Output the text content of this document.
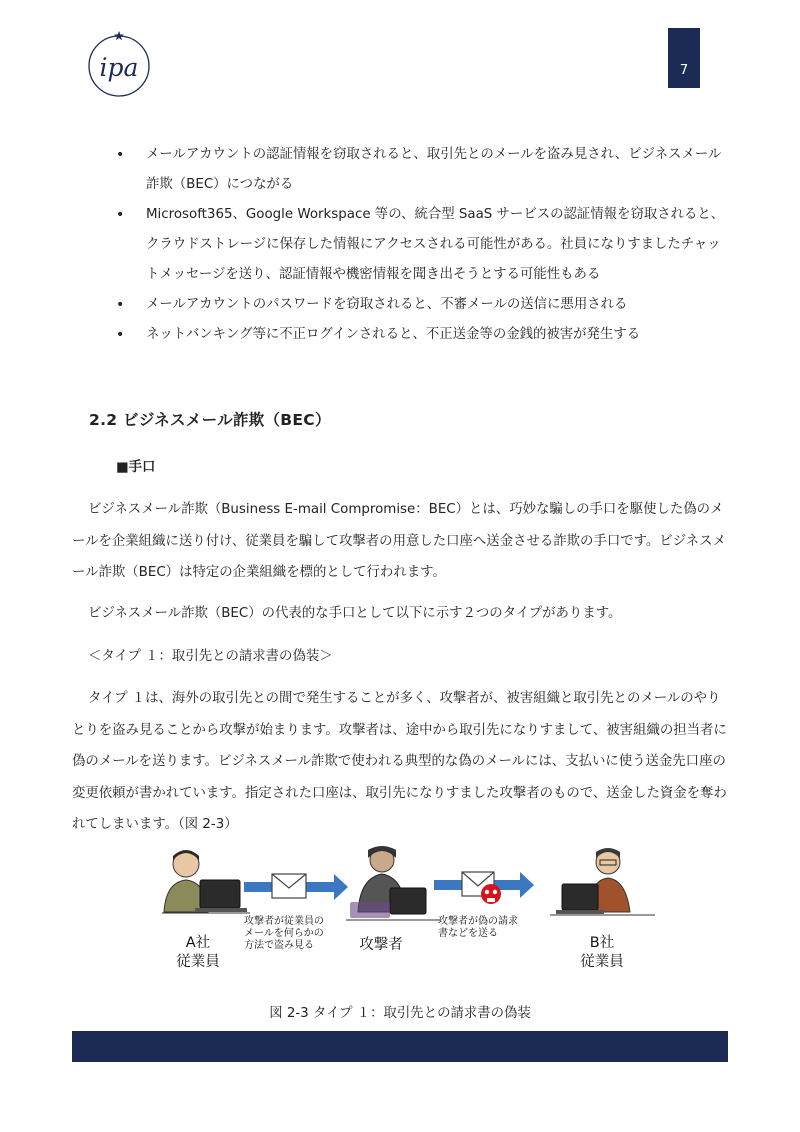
ipa	7
• メールアカウントの認証情報を窃取されると、取引先とのメールを盗み見され、ビジネスメール詐欺（BEC）につながる
• Microsoft365、Google Workspace 等の、統合型 SaaS サービスの認証情報を窃取されると、クラウドストレージに保存した情報にアクセスされる可能性がある。社員になりすましたチャットメッセージを送り、認証情報や機密情報を聞き出そうとする可能性もある
• メールアカウントのパスワードを窃取されると、不審メールの送信に悪用される
• ネットバンキング等に不正ログインされると、不正送金等の金銭的被害が発生する
2.2 ビジネスメール詐欺（BEC）
■手口

ビジネスメール詐欺（Business E-mail Compromise：BEC）とは、巧妙な騙しの手口を駆使した偽のメールを企業組織に送り付け、従業員を騙して攻撃者の用意した口座へ送金させる詐欺の手口です。ビジネスメール詐欺（BEC）は特定の企業組織を標的として行われます。

ビジネスメール詐欺（BEC）の代表的な手口として以下に示す２つのタイプがあります。

＜タイプ １：取引先との請求書の偽装＞

タイプ １は、海外の取引先との間で発生することが多く、攻撃者が、被害組織と取引先とのメールのやりとりを盗み見ることから攻撃が始まります。攻撃者は、途中から取引先になりすまして、被害組織の担当者に偽のメールを送ります。ビジネスメール詐欺で使われる典型的な偽のメールには、支払いに使う送金先口座の変更依頼が書かれています。指定された口座は、取引先になりすました攻撃者のもので、送金した資金を奪われてしまいます。（図 2-3）

攻撃者が従業員の
メールを何らかの
方法で盗み見る
攻撃者が偽の請求
書などを送る
A社
従業員
攻撃者	B社
従業員
図 2-3 タイプ １：取引先との請求書の偽装
